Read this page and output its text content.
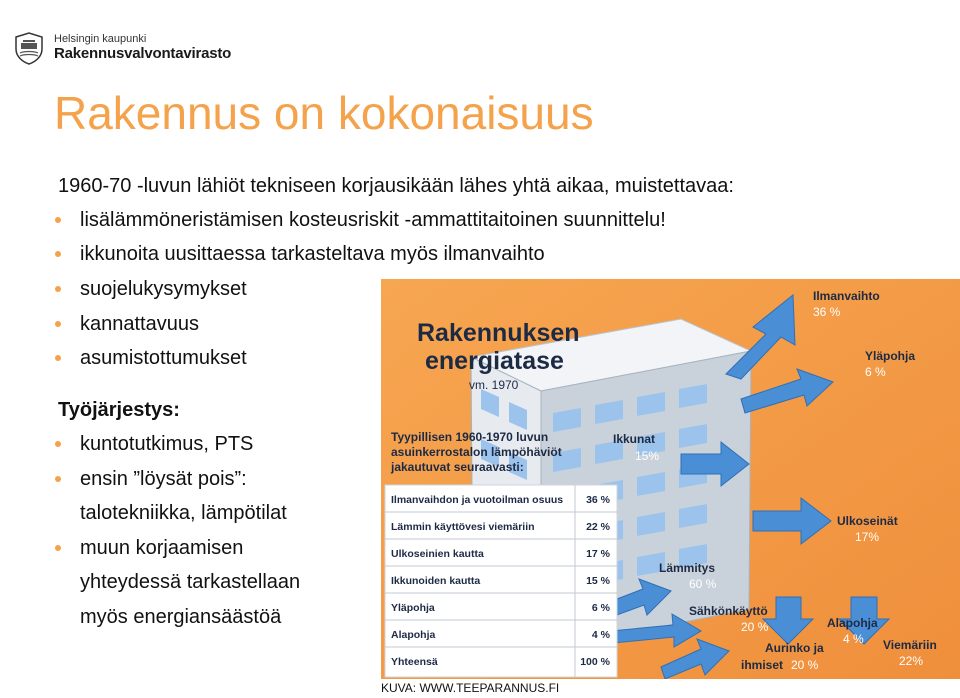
Helsingin kaupunki
Rakennusvalvontavirasto
Rakennus on kokonaisuus
1960-70 -luvun lähiöt tekniseen korjausikään lähes yhtä aikaa, muistettavaa:
lisälämmöneristämisen kosteusriskit -ammattitaitoinen suunnittelu!
ikkunoita uusittaessa tarkasteltava myös ilmanvaihto
suojelukysymykset
kannattavuus
asumistottumukset
Työjärjestys:
kuntotutkimus, PTS
ensin ”löysät pois”:
talotekniikka, lämpötilat
muun korjaamisen
yhteydessä tarkastellaan
myös energiansäästöä
Rakennuksen
energiatase
vm. 1970
Tyypillisen 1960-1970 luvun
asuinkerrostalon lämpöhäviöt
jakautuvat seuraavasti:
Ilmanvaihdon ja vuotoilman osuus 36 %
Lämmin käyttövesi viemäriin	22 %
Ulkoseinien kautta	17 %
Ikkunoiden kautta	15 %
Yläpohja	6 %
Alapohja	4 %
Yhteensä	100 %
Ilmanvaihto
36 %
Yläpohja
6 %
Ikkunat
15%
Ulkoseinät
17%
Lämmitys
60 %
Sähkönkäyttö
20 %
Aurinko ja
ihmiset 20 %
Alapohja
4 % Viemäriin
22%
KUVA: WWW.TEEPARANNUS.FI
